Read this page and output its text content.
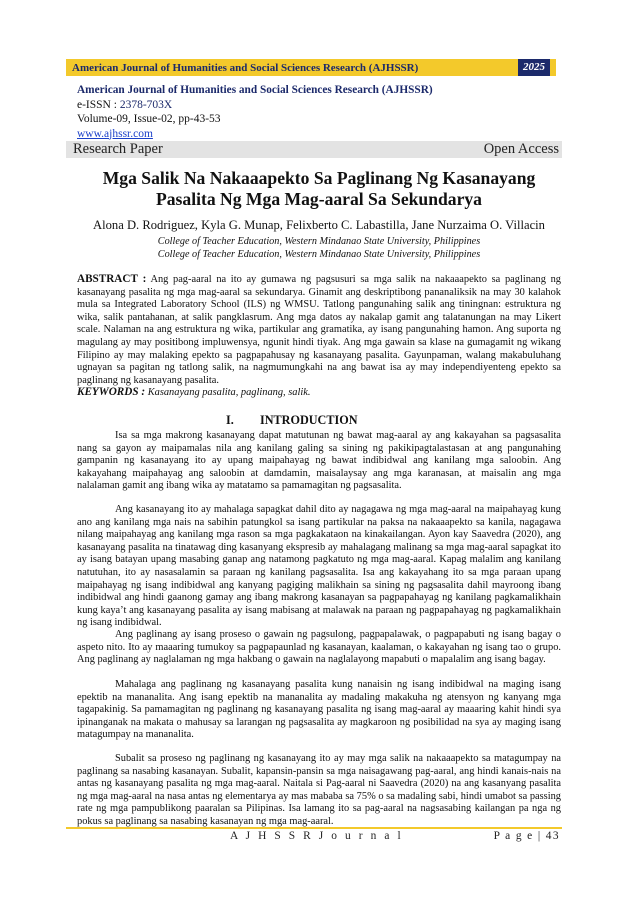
American Journal of Humanities and Social Sciences Research (AJHSSR)	2025
American Journal of Humanities and Social Sciences Research (AJHSSR)
e-ISSN : 2378-703X
Volume-09, Issue-02, pp-43-53
www.ajhssr.com
Research Paper	Open Access
Mga Salik Na Nakaaapekto Sa Paglinang Ng Kasanayang
Pasalita Ng Mga Mag-aaral Sa Sekundarya
Alona D. Rodriguez, Kyla G. Munap, Felixberto C. Labastilla, Jane Nurzaima O. Villacin
College of Teacher Education, Western Mindanao State University, Philippines
College of Teacher Education, Western Mindanao State University, Philippines
ABSTRACT : Ang pag-aaral na ito ay gumawa ng pagsusuri sa mga salik na nakaaapekto sa paglinang ng kasanayang pasalita ng mga mag-aaral sa sekundarya. Ginamit ang deskriptibong pananaliksik na may 30 kalahok mula sa Integrated Laboratory School (ILS) ng WMSU. Tatlong pangunahing salik ang tiningnan: estruktura ng wika, salik pantahanan, at salik pangklasrum. Ang mga datos ay nakalap gamit ang talatanungan na may Likert scale. Nalaman na ang estruktura ng wika, partikular ang gramatika, ay isang pangunahing hamon. Ang suporta ng magulang ay may positibong impluwensya, ngunit hindi tiyak. Ang mga gawain sa klase na gumagamit ng wikang Filipino ay may malaking epekto sa pagpapahusay ng kasanayang pasalita. Gayunpaman, walang makabuluhang ugnayan sa pagitan ng tatlong salik, na nagmumungkahi na ang bawat isa ay may independiyenteng epekto sa paglinang ng kasanayang pasalita.
KEYWORDS : Kasanayang pasalita, paglinang, salik.
I. INTRODUCTION

Isa sa mga makrong kasanayang dapat matutunan ng bawat mag-aaral ay ang kakayahan sa pagsasalita nang sa gayon ay maipamalas nila ang kanilang galing sa sining ng pakikipagtalastasan at ang pangunahing gampanin ng kasanayang ito ay upang maipahayag ng bawat indibidwal ang kanilang mga saloobin. Ang kakayahang maipahayag ang saloobin at damdamin, maisalaysay ang mga karanasan, at maisalin ang mga nalalaman gamit ang ibang wika ay matatamo sa pamamagitan ng pagsasalita.

Ang kasanayang ito ay mahalaga sapagkat dahil dito ay nagagawa ng mga mag-aaral na maipahayag kung ano ang kanilang mga nais na sabihin patungkol sa isang partikular na paksa na nakaaapekto sa kanila, nagagawa nilang maipahayag ang kanilang mga rason sa mga pagkakataon na kinakailangan. Ayon kay Saavedra (2020), ang kasanayang pasalita na tinatawag ding kasanyang ekspresib ay mahalagang malinang sa mga mag-aaral sapagkat ito ay isang batayan upang masabing ganap ang natamong pagkatuto ng mga mag-aaral. Kapag malalim ang kanilang natutuhan, ito ay nasasalamin sa paraan ng kanilang pagsasalita. Isa ang kakayahang ito sa mga paraan upang maipahayag ng isang indibidwal ang kanyang pagiging malikhain sa sining ng pagsasalita dahil mayroong ibang indibidwal ang hindi gaanong gamay ang ibang makrong kasanayan sa pagpapahayag ng kanilang pagkamalikhain kung kaya’t ang kasanayang pasalita ay isang mabisang at malawak na paraan ng pagpapahayag ng pagkamalikhain ng isang indibidwal.

Ang paglinang ay isang proseso o gawain ng pagsulong, pagpapalawak, o pagpapabuti ng isang bagay o aspeto nito. Ito ay maaaring tumukoy sa pagpapaunlad ng kasanayan, kaalaman, o kakayahan ng isang tao o grupo. Ang paglinang ay naglalaman ng mga hakbang o gawain na naglalayong mapabuti o mapalalim ang isang bagay.

Mahalaga ang paglinang ng kasanayang pasalita kung nanaisin ng isang indibidwal na maging isang epektib na mananalita. Ang isang epektib na mananalita ay madaling makakuha ng atensyon ng kanyang mga tagapakinig. Sa pamamagitan ng paglinang ng kasanayang pasalita ng isang mag-aaral ay maaaring kahit hindi sya ipinanganak na makata o mahusay sa larangan ng pagsasalita ay magkaroon ng posibilidad na sya ay maging isang matagumpay na mananalita.

Subalit sa proseso ng paglinang ng kasanayang ito ay may mga salik na nakaaapekto sa matagumpay na paglinang sa nasabing kasanayan. Subalit, kapansin-pansin sa mga naisagawang pag-aaral, ang hindi kanais-nais na antas ng kasanayang pasalita ng mga mag-aaral. Naitala si Pag-aaral ni Saavedra (2020) na ang kasanyang pasalita ng mga mag-aaral na nasa antas ng elementarya ay mas mababa sa 75% o sa madaling sabi, hindi umabot sa passing rate ng mga pampublikong paaralan sa Pilipinas. Isa lamang ito sa pag-aaral na nagsasabing kailangan pa nga ng pokus sa paglinang sa nasabing kasanayan ng mga mag-aaral.

A J H S S R J o u r n a l	P a g e | 43
